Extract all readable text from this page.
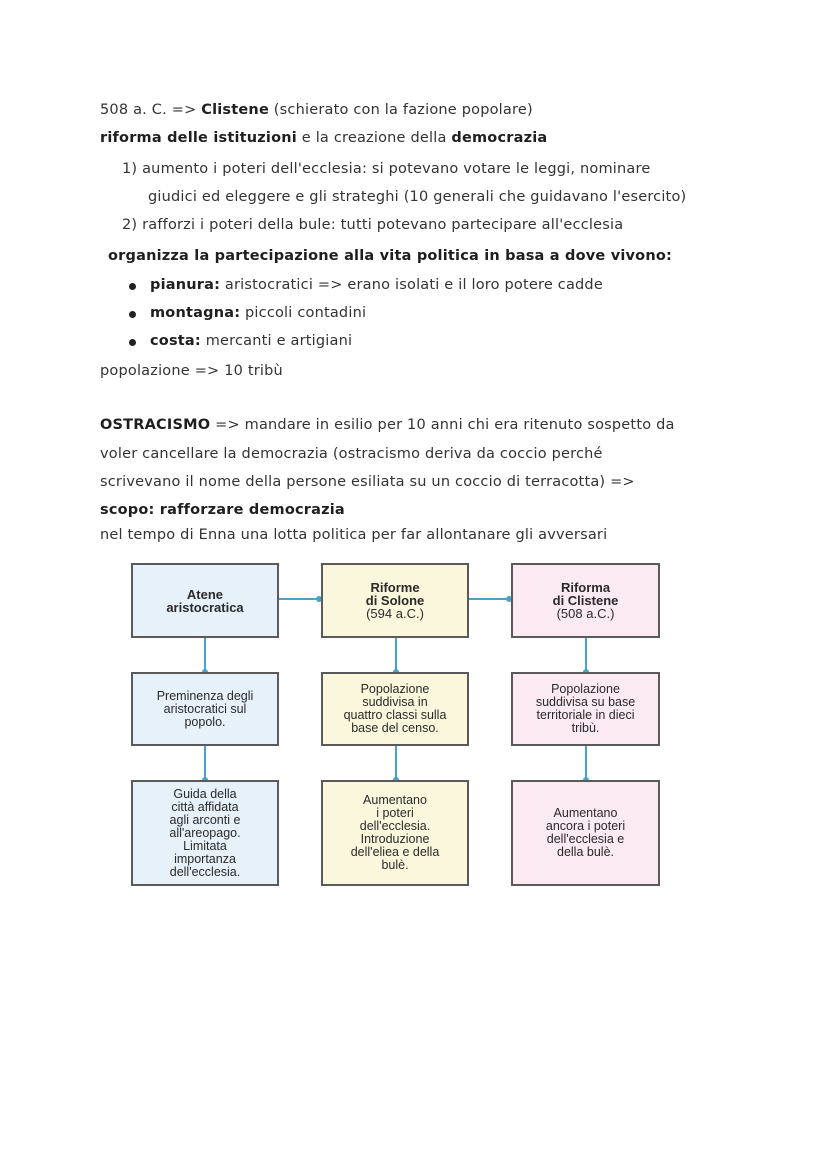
508 a. C. => Clistene (schierato con la fazione popolare)
riforma delle istituzioni e la creazione della democrazia
1) aumento i poteri dell'ecclesia: si potevano votare le leggi, nominare
giudici ed eleggere e gli strateghi (10 generali che guidavano l'esercito)
2) rafforzi i poteri della bule: tutti potevano partecipare all'ecclesia
organizza la partecipazione alla vita politica in basa a dove vivono:
pianura: aristocratici => erano isolati e il loro potere cadde
montagna: piccoli contadini
costa: mercanti e artigiani
popolazione => 10 tribù
OSTRACISMO => mandare in esilio per 10 anni chi era ritenuto sospetto da
voler cancellare la democrazia (ostracismo deriva da coccio perché
scrivevano il nome della persone esiliata su un coccio di terracotta) =>
scopo: rafforzare democrazia
nel tempo di Enna una lotta politica per far allontanare gli avversari
Atene
aristocratica
Riforme
di Solone
(594 a.C.)
Riforma
di Clistene
(508 a.C.)
Preminenza degli
aristocratici sul
popolo.
Popolazione
suddivisa in
quattro classi sulla
base del censo.
Popolazione
suddivisa su base
territoriale in dieci
tribù.
Guida della
città affidata
agli arconti e
all'areopago.
Limitata
importanza
dell'ecclesia.
Aumentano
i poteri
dell'ecclesia.
Introduzione
dell'eliea e della
bulè.
Aumentano
ancora i poteri
dell'ecclesia e
della bulè.
